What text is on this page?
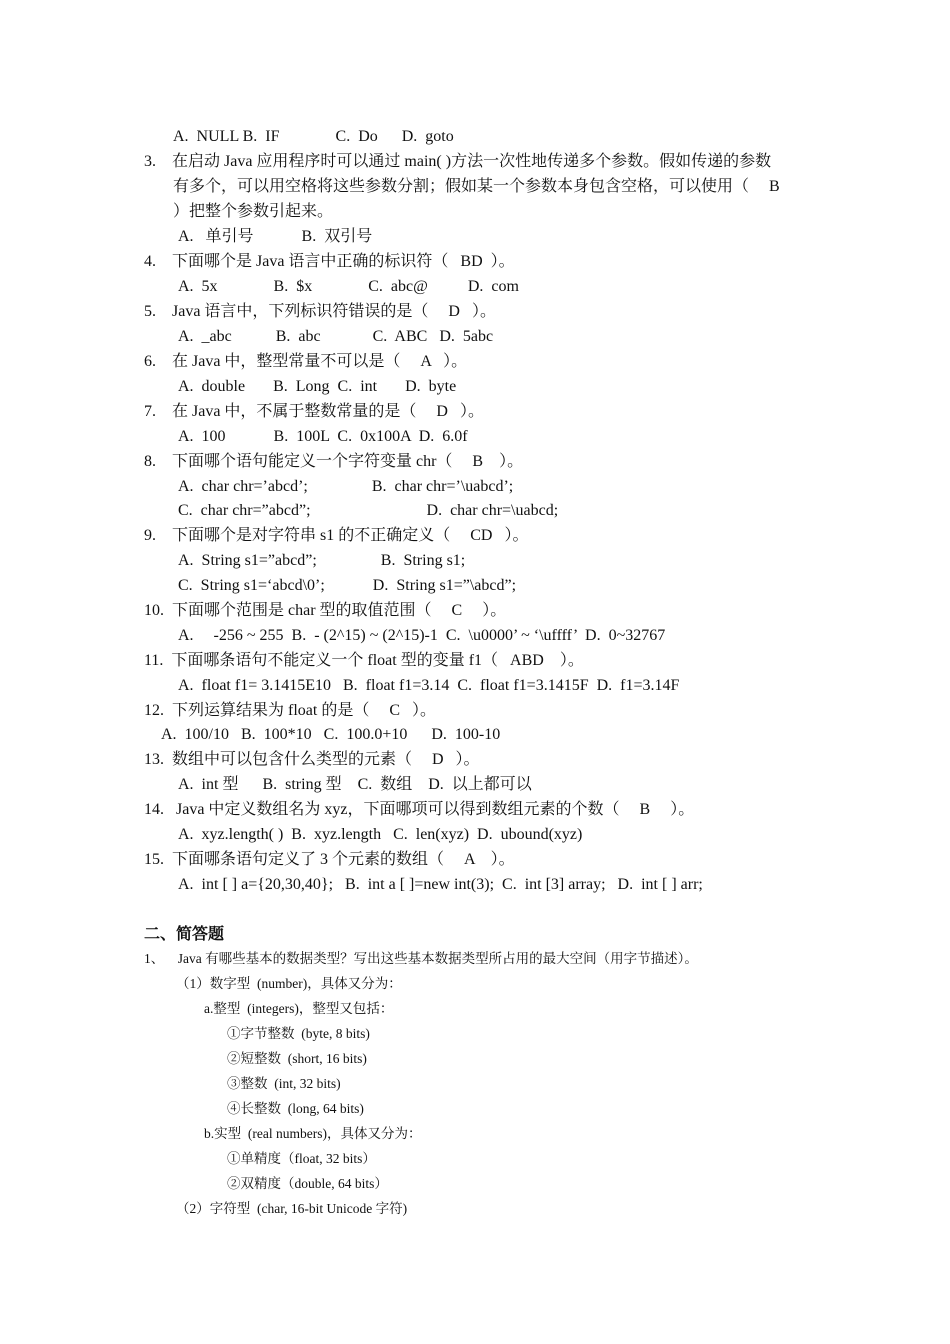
A.  NULL B.  IF              C.  Do      D.  goto

3.    在启动 Java 应用程序时可以通过 main( )方法一次性地传递多个参数。假如传递的参数

有多个，可以用空格将这些参数分割；假如某一个参数本身包含空格，可以使用（     B

）把整个参数引起来。

A.   单引号            B.  双引号

4.    下面哪个是 Java 语言中正确的标识符（   BD  ）。

A.  5x              B.  $x              C.  abc@          D.  com

5.    Java 语言中，下列标识符错误的是（     D   ）。

A.  _abc           B.  abc             C.  ABC   D.  5abc

6.    在 Java 中，整型常量不可以是（     A   ）。

A.  double       B.  Long  C.  int       D.  byte

7.    在 Java 中，不属于整数常量的是（     D   ）。

A.  100            B.  100L  C.  0x100A  D.  6.0f

8.    下面哪个语句能定义一个字符变量 chr（     B    ）。

A.  char chr=’abcd’;                B.  char chr=’\uabcd’;

C.  char chr=”abcd”;                             D.  char chr=\uabcd;

9.    下面哪个是对字符串 s1 的不正确定义（     CD   ）。

A.  String s1=”abcd”;                B.  String s1;

C.  String s1=‘abcd\0’;            D.  String s1=”\abcd”;

10.  下面哪个范围是 char 型的取值范围（     C     ）。

A.     -256 ~ 255  B.  - (2^15) ~ (2^15)-1  C.  \u0000’ ~ ‘\uffff’  D.  0~32767

11.  下面哪条语句不能定义一个 float 型的变量 f1（   ABD    ）。

A.  float f1= 3.1415E10   B.  float f1=3.14  C.  float f1=3.1415F  D.  f1=3.14F

12.  下列运算结果为 float 的是（     C   ）。

A.  100/10   B.  100*10   C.  100.0+10      D.  100-10

13.  数组中可以包含什么类型的元素（     D   ）。

A.  int 型      B.  string 型    C.  数组    D.  以上都可以

14.   Java 中定义数组名为 xyz，下面哪项可以得到数组元素的个数（     B     ）。

A.  xyz.length( )  B.  xyz.length   C.  len(xyz)  D.  ubound(xyz)

15.  下面哪条语句定义了 3 个元素的数组（     A    ）。

A.  int [ ] a={20,30,40};   B.  int a [ ]=new int(3);  C.  int [3] array;   D.  int [ ] arr;

二、简答题

1、    Java 有哪些基本的数据类型？写出这些基本数据类型所占用的最大空间（用字节描述）。

（1）数字型  (number)，具体又分为：

a.整型  (integers)，整型又包括：

①字节整数  (byte, 8 bits)

②短整数  (short, 16 bits)

③整数  (int, 32 bits)

④长整数  (long, 64 bits)

b.实型  (real numbers)，具体又分为：

①单精度（float, 32 bits）

②双精度（double, 64 bits）

（2）字符型  (char, 16-bit Unicode 字符)
